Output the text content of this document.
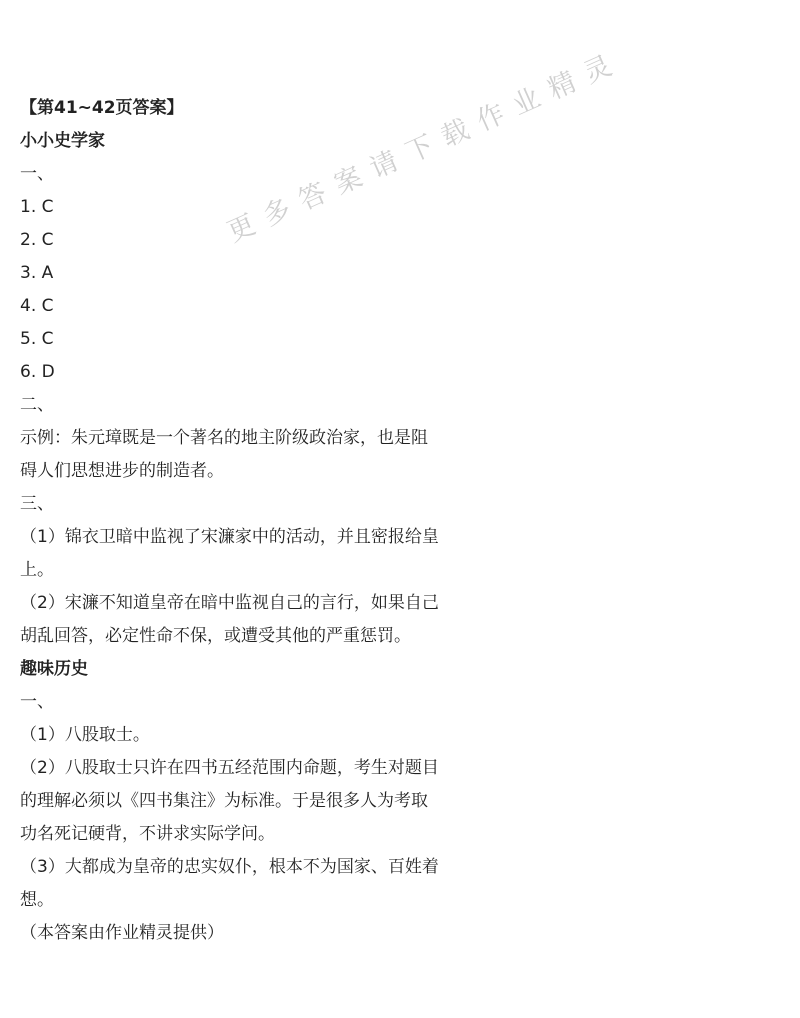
【第41~42页答案】
小小史学家
一、
1. C
2. C
3. A
4. C
5. C
6. D
二、
示例：朱元璋既是一个著名的地主阶级政治家，也是阻
碍人们思想进步的制造者。
三、
（1）锦衣卫暗中监视了宋濂家中的活动，并且密报给皇
上。
（2）宋濂不知道皇帝在暗中监视自己的言行，如果自己
胡乱回答，必定性命不保，或遭受其他的严重惩罚。
趣味历史
一、
（1）八股取士。
（2）八股取士只许在四书五经范围内命题，考生对题目
的理解必须以《四书集注》为标准。于是很多人为考取
功名死记硬背，不讲求实际学问。
（3）大都成为皇帝的忠实奴仆，根本不为国家、百姓着
想。
（本答案由作业精灵提供）
更多答案请下载作业精灵
